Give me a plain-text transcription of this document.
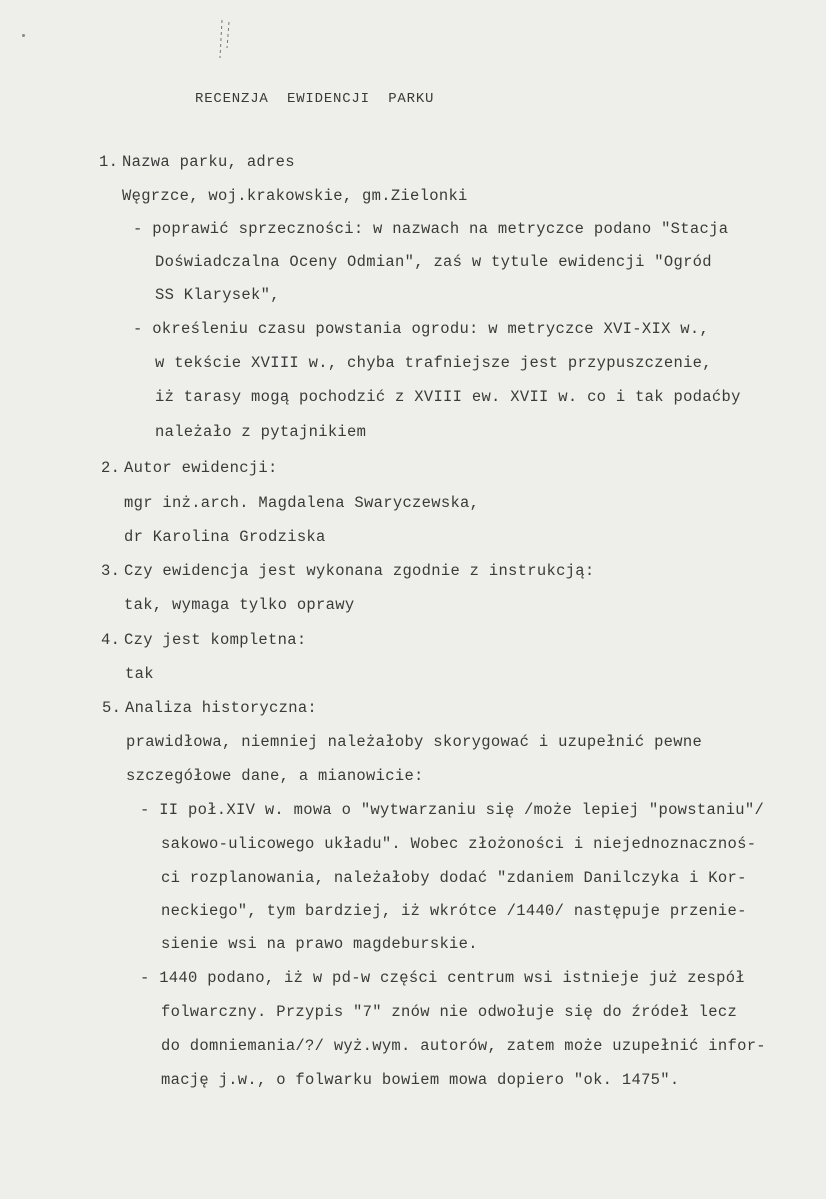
RECENZJA  EWIDENCJI  PARKU
1. Nazwa parku, adres
Węgrzce, woj.krakowskie, gm.Zielonki
- poprawić sprzeczności: w nazwach na metryczce podano "Stacja
Doświadczalna Oceny Odmian", zaś w tytule ewidencji "Ogród
SS Klarysek",
- określeniu czasu powstania ogrodu: w metryczce XVI-XIX w.,
w tekście XVIII w., chyba trafniejsze jest przypuszczenie,
iż tarasy mogą pochodzić z XVIII ew. XVII w. co i tak podaćby
należało z pytajnikiem
2. Autor ewidencji:
mgr inż.arch. Magdalena Swaryczewska,
dr Karolina Grodziska
3. Czy ewidencja jest wykonana zgodnie z instrukcją:
tak, wymaga tylko oprawy
4. Czy jest kompletna:
tak
5. Analiza historyczna:
prawidłowa, niemniej należałoby skorygować i uzupełnić pewne
szczegółowe dane, a mianowicie:
- II poł.XIV w. mowa o "wytwarzaniu się /może lepiej "powstaniu"/
sakowo-ulicowego układu". Wobec złożoności i niejednoznacznoś-
ci rozplanowania, należałoby dodać "zdaniem Danilczyka i Kor-
neckiego", tym bardziej, iż wkrótce /1440/ następuje przenie-
sienie wsi na prawo magdeburskie.
- 1440 podano, iż w pd-w części centrum wsi istnieje już zespół
folwarczny. Przypis "7" znów nie odwołuje się do źródeł lecz
do domniemania/?/ wyż.wym. autorów, zatem może uzupełnić infor-
mację j.w., o folwarku bowiem mowa dopiero "ok. 1475".
